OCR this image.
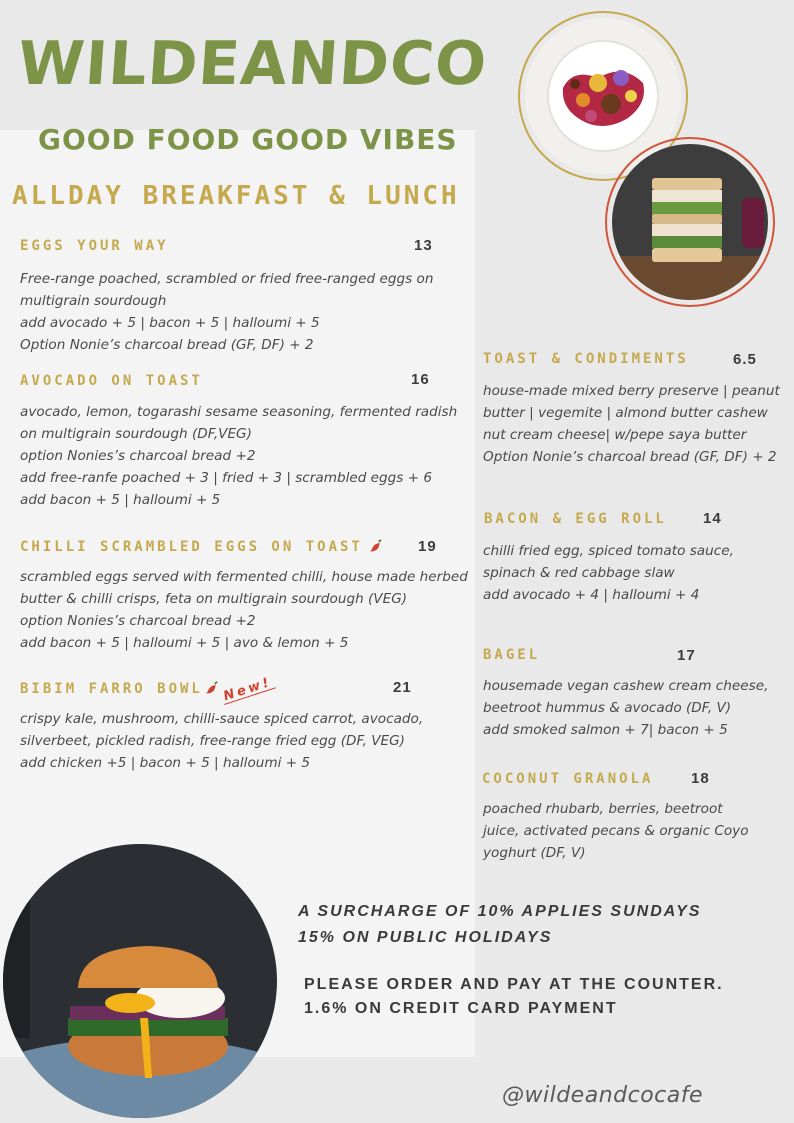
WILDEANDCO
GOOD FOOD GOOD VIBES
ALLDAY BREAKFAST & LUNCH
EGGS YOUR WAY	13
Free-range poached, scrambled or fried free-ranged eggs on
multigrain sourdough
add avocado + 5 | bacon + 5 | halloumi + 5
Option Nonie’s charcoal bread (GF, DF) + 2
AVOCADO ON TOAST	16
avocado, lemon, togarashi sesame seasoning, fermented radish
on multigrain sourdough (DF,VEG)
option Nonies’s charcoal bread +2
add free-ranfe poached + 3 | fried + 3 | scrambled eggs + 6
add bacon + 5 | halloumi + 5
CHILLI SCRAMBLED EGGS ON TOAST	19
scrambled eggs served with fermented chilli, house made herbed
butter & chilli crisps, feta on multigrain sourdough (VEG)
option Nonies’s charcoal bread +2
add bacon + 5 | halloumi + 5 | avo & lemon + 5
BIBIM FARRO BOWL New!	21
crispy kale, mushroom, chilli-sauce spiced carrot, avocado,
silverbeet, pickled radish, free-range fried egg (DF, VEG)
add chicken +5 | bacon + 5 | halloumi + 5
TOAST & CONDIMENTS	6.5
house-made mixed berry preserve | peanut
butter | vegemite | almond butter cashew
nut cream cheese| w/pepe saya butter
Option Nonie’s charcoal bread (GF, DF) + 2
BACON & EGG ROLL 14
chilli fried egg, spiced tomato sauce,
spinach & red cabbage slaw
add avocado + 4 | halloumi + 4
BAGEL	17
housemade vegan cashew cream cheese,
beetroot hummus & avocado (DF, V)
add smoked salmon + 7| bacon + 5
COCONUT GRANOLA	18
poached rhubarb, berries, beetroot
juice, activated pecans & organic Coyo
yoghurt (DF, V)
A SURCHARGE OF 10% APPLIES SUNDAYS
15% ON PUBLIC HOLIDAYS
PLEASE ORDER AND PAY AT THE COUNTER.
1.6% ON CREDIT CARD PAYMENT
@wildeandcocafe
